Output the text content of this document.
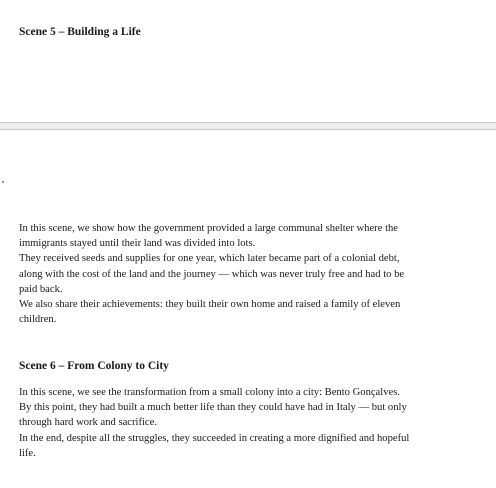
Scene 5 – Building a Life

In this scene, we show how the government provided a large communal shelter where the

immigrants stayed until their land was divided into lots.

They received seeds and supplies for one year, which later became part of a colonial debt,

along with the cost of the land and the journey — which was never truly free and had to be

paid back.

We also share their achievements: they built their own home and raised a family of eleven

children.

Scene 6 – From Colony to City

In this scene, we see the transformation from a small colony into a city: Bento Gonçalves.

By this point, they had built a much better life than they could have had in Italy — but only

through hard work and sacrifice.

In the end, despite all the struggles, they succeeded in creating a more dignified and hopeful

life.
